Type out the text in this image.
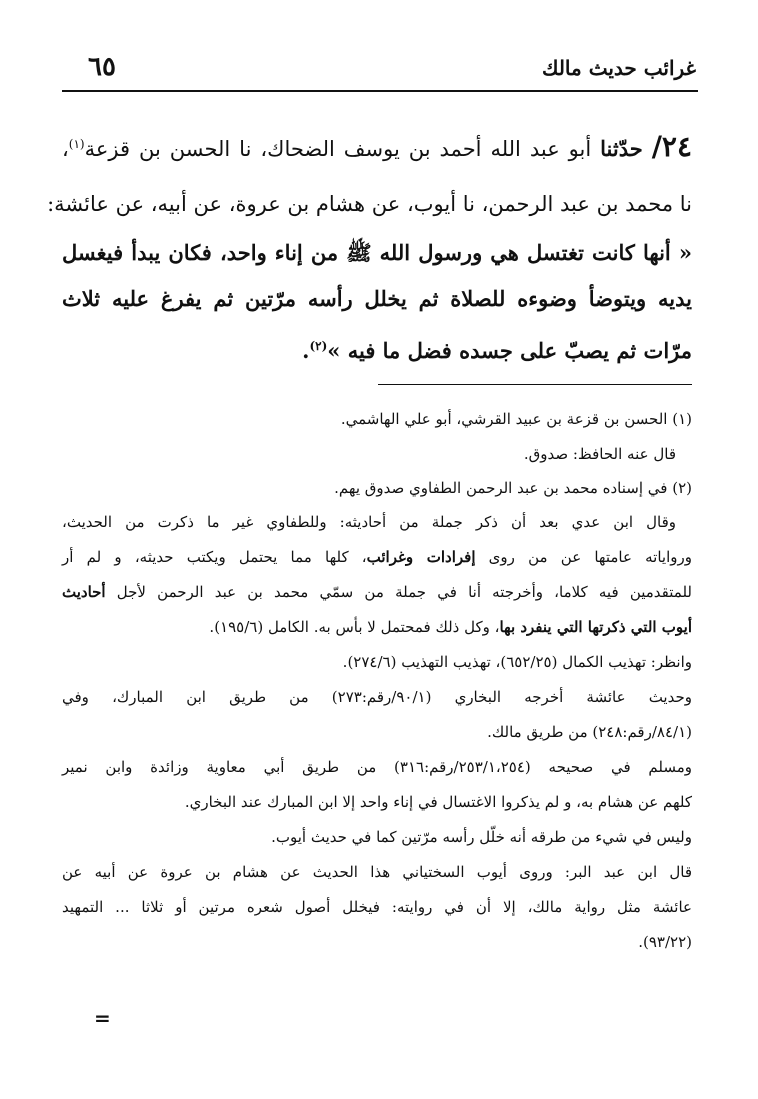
غرائب حديث مالك
٦٥

٢٤/ حدّثنا أبو عبد الله أحمد بن يوسف الضحاك، نا الحسن بن قزعة$^{(١)}$،

نا محمد بن عبد الرحمن، نا أيوب، عن هشام بن عروة، عن أبيه، عن عائشة:

« أنها كانت تغتسل هي ورسول الله ﷺ من إناء واحد، فكان يبدأ فيغسل

يديه ويتوضأ وضوءه للصلاة ثم يخلل رأسه مرّتين ثم يفرغ عليه ثلاث

مرّات ثم يصبّ على جسده فضل ما فيه »$^{(٢)}$.

(١) الحسن بن قزعة بن عبيد القرشي، أبو علي الهاشمي.

قال عنه الحافظ: صدوق.

(٢) في إسناده محمد بن عبد الرحمن الطفاوي صدوق يهم.

وقال ابن عدي بعد أن ذكر جملة من أحاديثه: وللطفاوي غير ما ذكرت من الحديث،

ورواياته عامتها عن من روى إفرادات وغرائب، كلها مما يحتمل ويكتب حديثه، و لم أر

للمتقدمين فيه كلاما، وأخرجته أنا في جملة من سمّي محمد بن عبد الرحمن لأجل أحاديث

أيوب التي ذكرتها التي ينفرد بها، وكل ذلك فمحتمل لا بأس به. الكامل (١٩٥/٦).

وانظر: تهذيب الكمال (٦٥٢/٢٥)، تهذيب التهذيب (٢٧٤/٦).

وحديث عائشة أخرجه البخاري (٩٠/١/رقم:٢٧٣) من طريق ابن المبارك، وفي

(٨٤/١/رقم:٢٤٨) من طريق مالك.

ومسلم في صحيحه (٢٥٣/١،٢٥٤/رقم:٣١٦) من طريق أبي معاوية وزائدة وابن نمير

كلهم عن هشام به، و لم يذكروا الاغتسال في إناء واحد إلا ابن المبارك عند البخاري.

وليس في شيء من طرقه أنه خلّل رأسه مرّتين كما في حديث أيوب.

قال ابن عبد البر: وروى أيوب السختياني هذا الحديث عن هشام بن عروة عن أبيه عن

عائشة مثل رواية مالك، إلا أن في روايته: فيخلل أصول شعره مرتين أو ثلاثا ... التمهيد

(٩٣/٢٢).

=
